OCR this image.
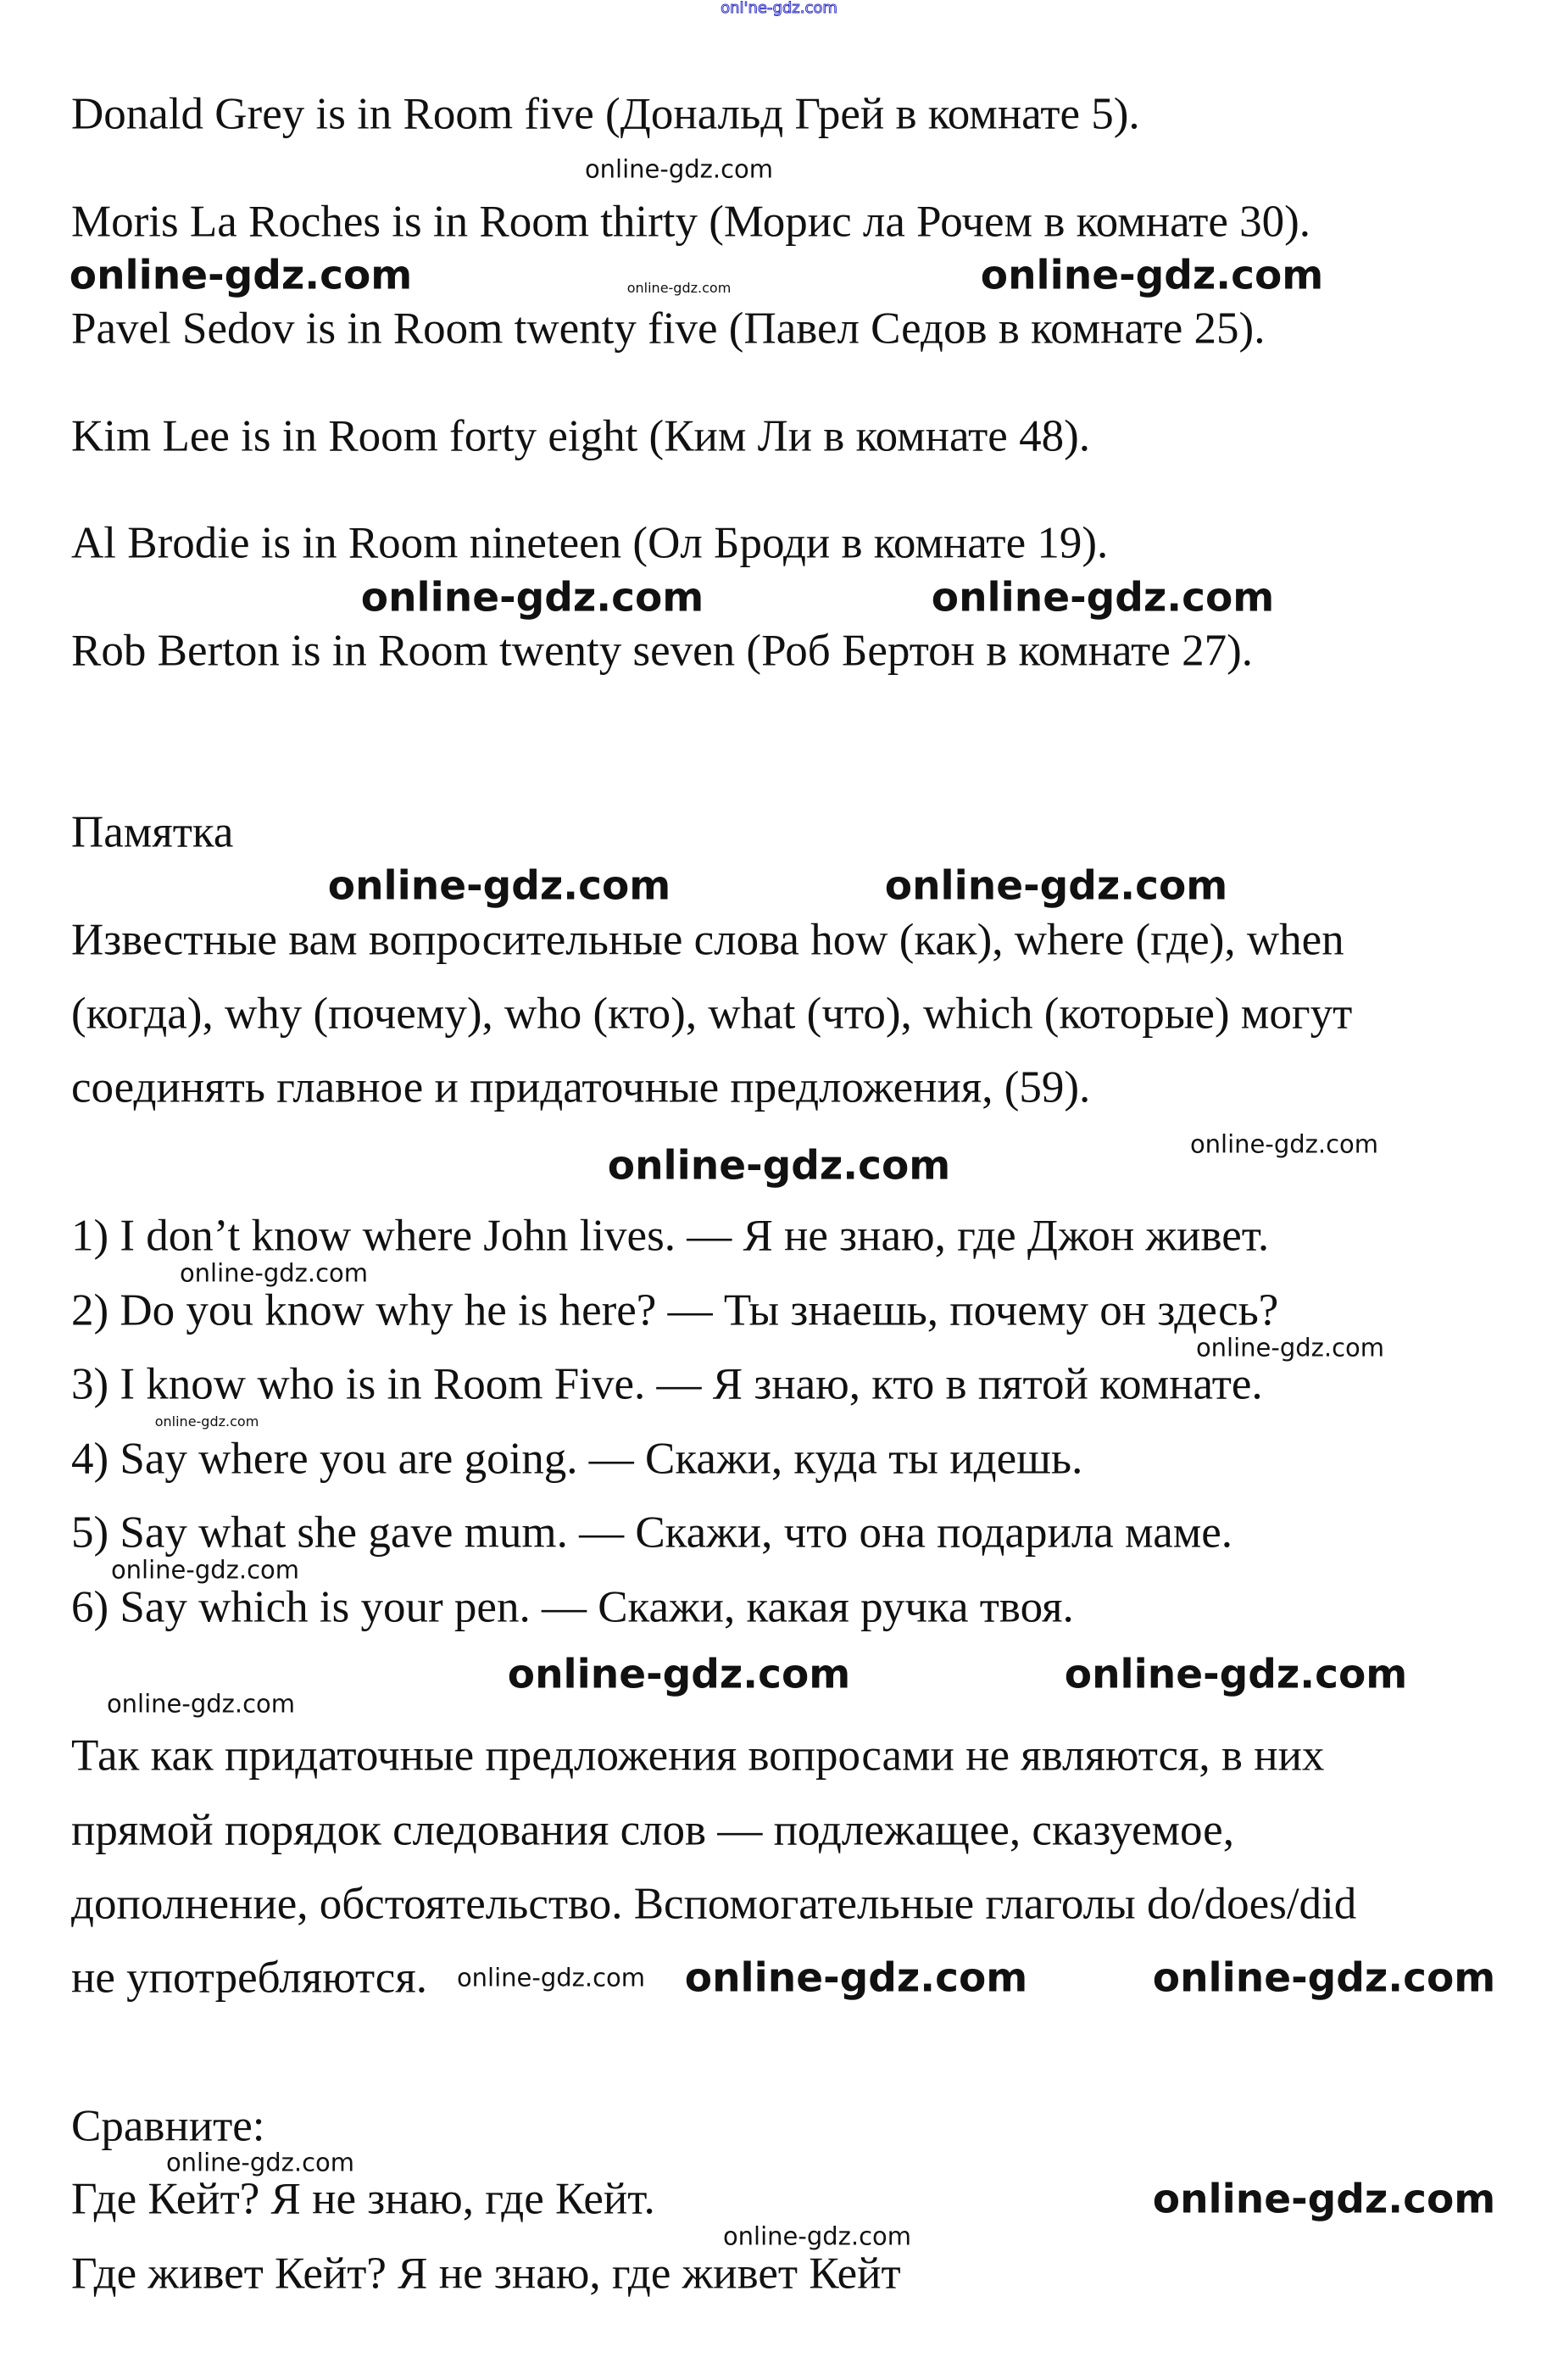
Donald Grey is in Room five (Дональд Грей в комнате 5).
Moris La Roches is in Room thirty (Морис ла Рочем в комнате 30).
Pavel Sedov is in Room twenty five (Павел Седов в комнате 25).
Kim Lee is in Room forty eight (Ким Ли в комнате 48).
Al Brodie is in Room nineteen (Ол Броди в комнате 19).
Rob Berton is in Room twenty seven (Роб Бертон в комнате 27).
Памятка
Известные вам вопросительные слова how (как), where (где), when
(когда), why (почему), who (кто), what (что), which (которые) могут
соединять главное и придаточные предложения, (59).
1) I don’t know where John lives. — Я не знаю, где Джон живет.
2) Do you know why he is here? — Ты знаешь, почему он здесь?
3) I know who is in Room Five. — Я знаю, кто в пятой комнате.
4) Say where you are going. — Скажи, куда ты идешь.
5) Say what she gave mum. — Скажи, что она подарила маме.
6) Say which is your pen. — Скажи, какая ручка твоя.
Так как придаточные предложения вопросами не являются, в них
прямой порядок следования слов — подлежащее, сказуемое,
дополнение, обстоятельство. Вспомогательные глаголы do/does/did
не употребляются.
Сравните:
Где Кейт? Я не знаю, где Кейт.
Где живет Кейт? Я не знаю, где живет Кейт
onl'ne-gdz.com
online-gdz.com	online-gdz.com
online-gdz.com	online-gdz.com
online-gdz.com	online-gdz.com
online-gdz.com
online-gdz.com	online-gdz.com
online-gdz.com	online-gdz.com
online-gdz.com
online-gdz.com
online-gdz.com
online-gdz.com
online-gdz.com
online-gdz.com
online-gdz.com
online-gdz.com
online-gdz.com
online-gdz.com
online-gdz.com
online-gdz.com
